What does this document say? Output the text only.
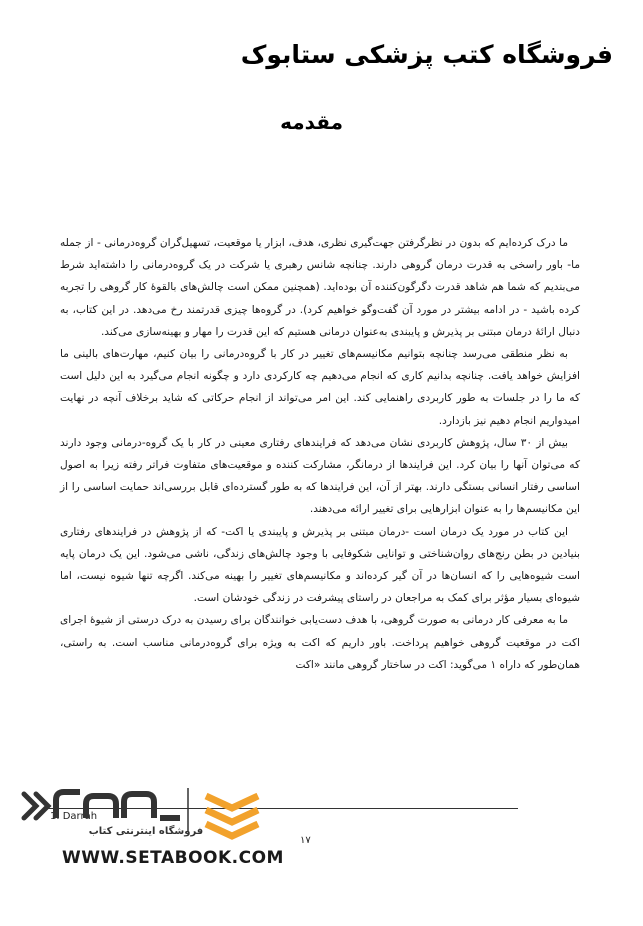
فروشگاه کتب پزشکی ستابوک
مقدمه

ما درک کرده‌ایم که بدون در نظرگرفتن جهت‌گیری نظری، هدف، ابزار یا موقعیت، تسهیل‌گران گروه‌درمانی - از جمله ما- باور راسخی به قدرت درمان گروهی دارند. چنانچه شانس رهبری یا شرکت در یک گروه‌درمانی را داشته‌اید شرط می‌بندیم که شما هم شاهد قدرت دگرگون‌کننده آن بوده‌اید. (همچنین ممکن است چالش‌های بالقوهٔ کار گروهی را تجربه کرده باشید - در ادامه بیشتر در مورد آن گفت‌وگو خواهیم کرد). در گروه‌ها چیزی قدرتمند رخ می‌دهد. در این کتاب، به دنبال ارائهٔ درمان مبتنی بر پذیرش و پایبندی به‌عنوان درمانی هستیم که این قدرت را مهار و بهینه‌سازی می‌کند.

به نظر منطقی می‌رسد چنانچه بتوانیم مکانیسم‌های تغییر در کار با گروه‌درمانی را بیان کنیم، مهارت‌های بالینی ما افزایش خواهد یافت. چنانچه بدانیم کاری که انجام می‌دهیم چه کارکردی دارد و چگونه انجام می‌گیرد به این دلیل است که ما را در جلسات به طور کاربردی راهنمایی کند. این امر می‌تواند از انجام حرکاتی که شاید برخلاف آنچه در نهایت امیدواریم انجام دهیم نیز بازدارد.

بیش از ۳۰ سال، پژوهش کاربردی نشان می‌دهد که فرایندهای رفتاری معینی در کار با یک گروه-درمانی وجود دارند که می‌توان آنها را بیان کرد. این فرایندها از درمانگر، مشارکت کننده و موقعیت‌های متفاوت فراتر رفته زیرا به اصول اساسی رفتار انسانی بستگی دارند. بهتر از آن، این فرایندها که به طور گسترده‌ای قابل بررسی‌اند حمایت اساسی را از این مکانیسم‌ها را به عنوان ابزارهایی برای تغییر ارائه می‌دهند.

این کتاب در مورد یک درمان است -درمان مبتنی بر پذیرش و پایبندی یا اکت- که از پژوهش در فرایندهای رفتاری بنیادین در بطن رنج‌های روان‌شناختی و توانایی شکوفایی با وجود چالش‌های زندگی، ناشی می‌شود. این یک درمان پایه است شیوه‌هایی را که انسان‌ها در آن گیر کرده‌اند و مکانیسم‌های تغییر را بهینه می‌کند. اگرچه تنها شیوه نیست، اما شیوه‌ای بسیار مؤثر برای کمک به مراجعان در راستای پیشرفت در زندگی خودشان است.

ما به معرفی کار درمانی به صورت گروهی، با هدف دست‌یابی خوانندگان برای رسیدن به درک درستی از شیوهٔ اجرای اکت در موقعیت گروهی خواهیم پرداخت. باور داریم که اکت به ویژه برای گروه‌درمانی مناسب است. به راستی، همان‌طور که داراه ۱ می‌گوید: اکت در ساختار گروهی مانند «اکت

1. Darrah
۱۷
فروشگاه اینترنتی کتاب
WWW.SETABOOK.COM
